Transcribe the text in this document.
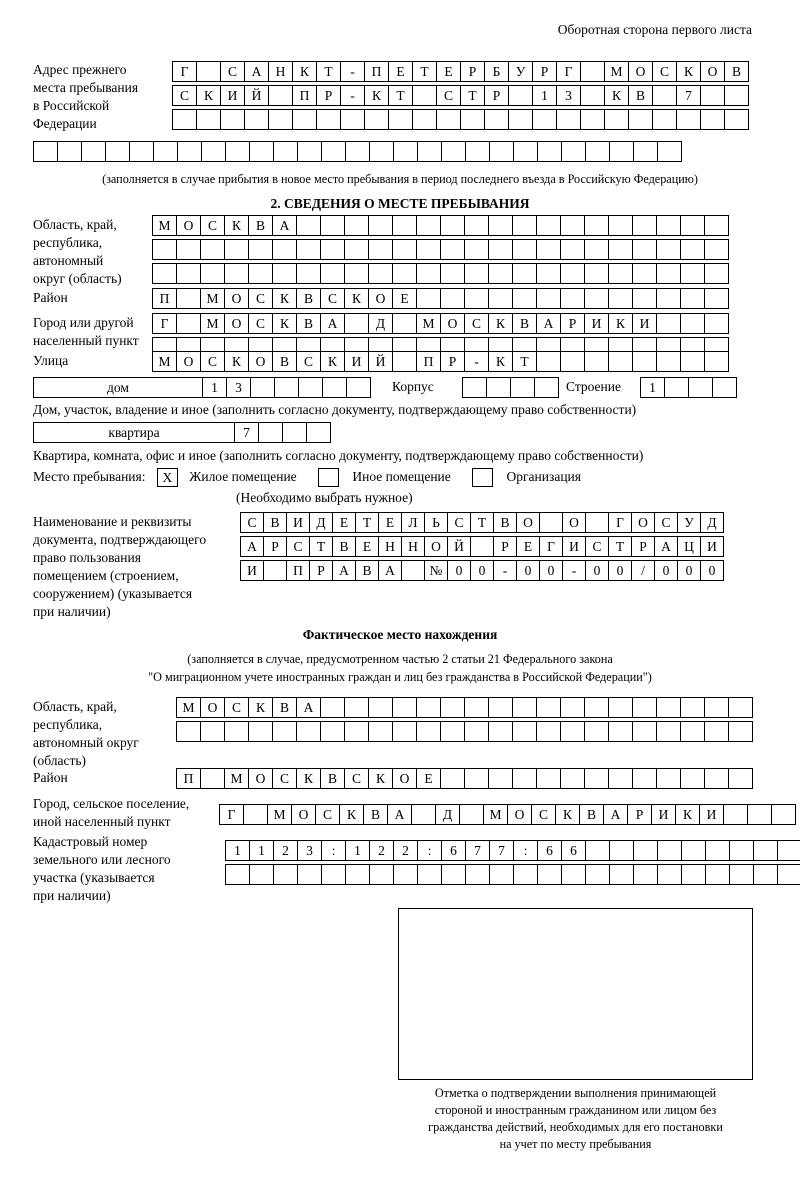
Оборотная сторона первого листа
Адрес прежнего
места пребывания
в Российской
Федерации
Г	С	А	Н	К	Т	-	П	Е	Т	Е	Р	Б	У	Р	Г	М О	С	К	О	В
С	К	И	Й	П	Р	-	К	Т	С	Т	Р	1	3	К	В	7
(заполняется в случае прибытия в новое место пребывания в период последнего въезда в Российскую Федерацию)
2. СВЕДЕНИЯ О МЕСТЕ ПРЕБЫВАНИЯ
Область, край,
республика,
автономный
округ (область)
М О	С	К	В	А
Район	П	М О	С	К	В	С	К	О	Е
Город или другой
населенный пункт
Г	М О	С	К	В	А	Д	М О	С	К	В	А	Р	И	К	И
Улица	М О	С	К	О	В	С	К	И	Й	П	Р	-	К	Т
дом	1	3	Корпус	Строение	1
Дом, участок, владение и иное (заполнить согласно документу, подтверждающему право собственности)
квартира	7
Квартира, комната, офис и иное (заполнить согласно документу, подтверждающему право собственности)
Место пребывания: X Жилое помещение	Иное помещение	Организация
(Необходимо выбрать нужное)
Наименование и реквизиты
документа, подтверждающего
право пользования
помещением (строением,
сооружением) (указывается
при наличии)
С	В	И	Д	Е	Т	Е	Л	Ь	С	Т	В	О	О	Г	О	С	У	Д
А	Р	С	Т	В	Е	Н Н О Й	Р	Е	Г	И	С	Т	Р	А Ц И
И	П	Р	А	В	А	№ 0	0	-	0	0	-	0	0	/	0	0	0
Фактическое место нахождения
(заполняется в случае, предусмотренном частью 2 статьи 21 Федерального закона
"О миграционном учете иностранных граждан и лиц без гражданства в Российской Федерации")
Область, край,
республика,
автономный округ
(область)
М О	С	К	В	А
Район	П	М О	С	К	В	С	К	О	Е
Город, сельское поселение,
иной населенный пункт	Г	М О	С	К	В	А	Д	М О	С	К	В	А	Р	И	К	И
Кадастровый номер
земельного или лесного
участка (указывается
при наличии)
1	1	2	3	:	1	2	2	:	6	7	7	:	6	6
Отметка о подтверждении выполнения принимающей
стороной и иностранным гражданином или лицом без
гражданства действий, необходимых для его постановки
на учет по месту пребывания
